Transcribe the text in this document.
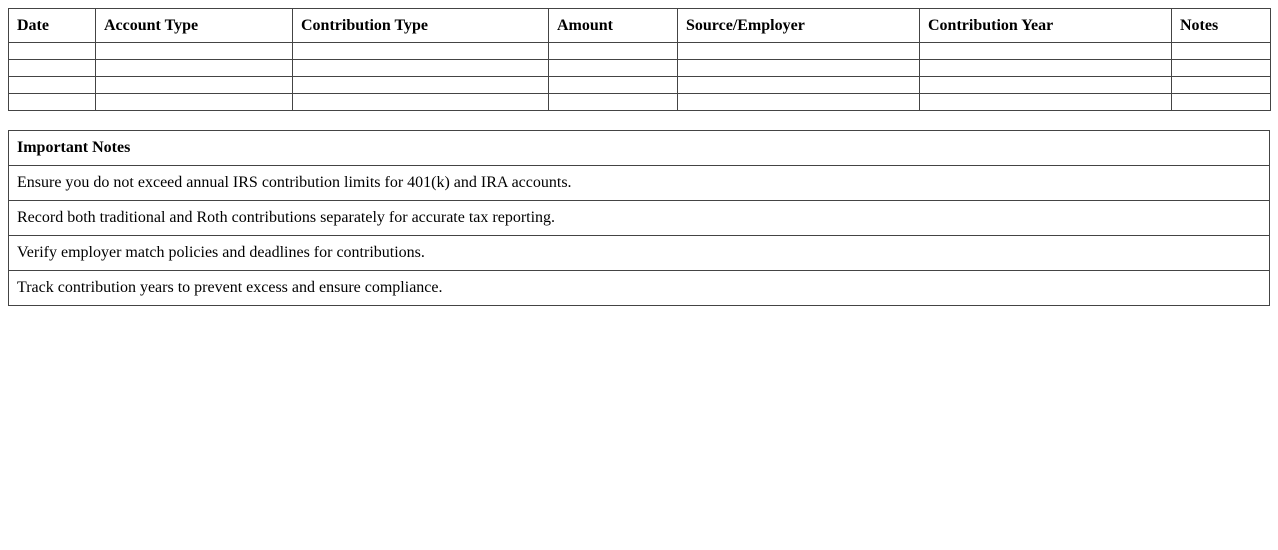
Date	Account Type	Contribution Type	Amount	Source/Employer	Contribution Year	Notes

Important Notes
Ensure you do not exceed annual IRS contribution limits for 401(k) and IRA accounts.
Record both traditional and Roth contributions separately for accurate tax reporting.
Verify employer match policies and deadlines for contributions.
Track contribution years to prevent excess and ensure compliance.
